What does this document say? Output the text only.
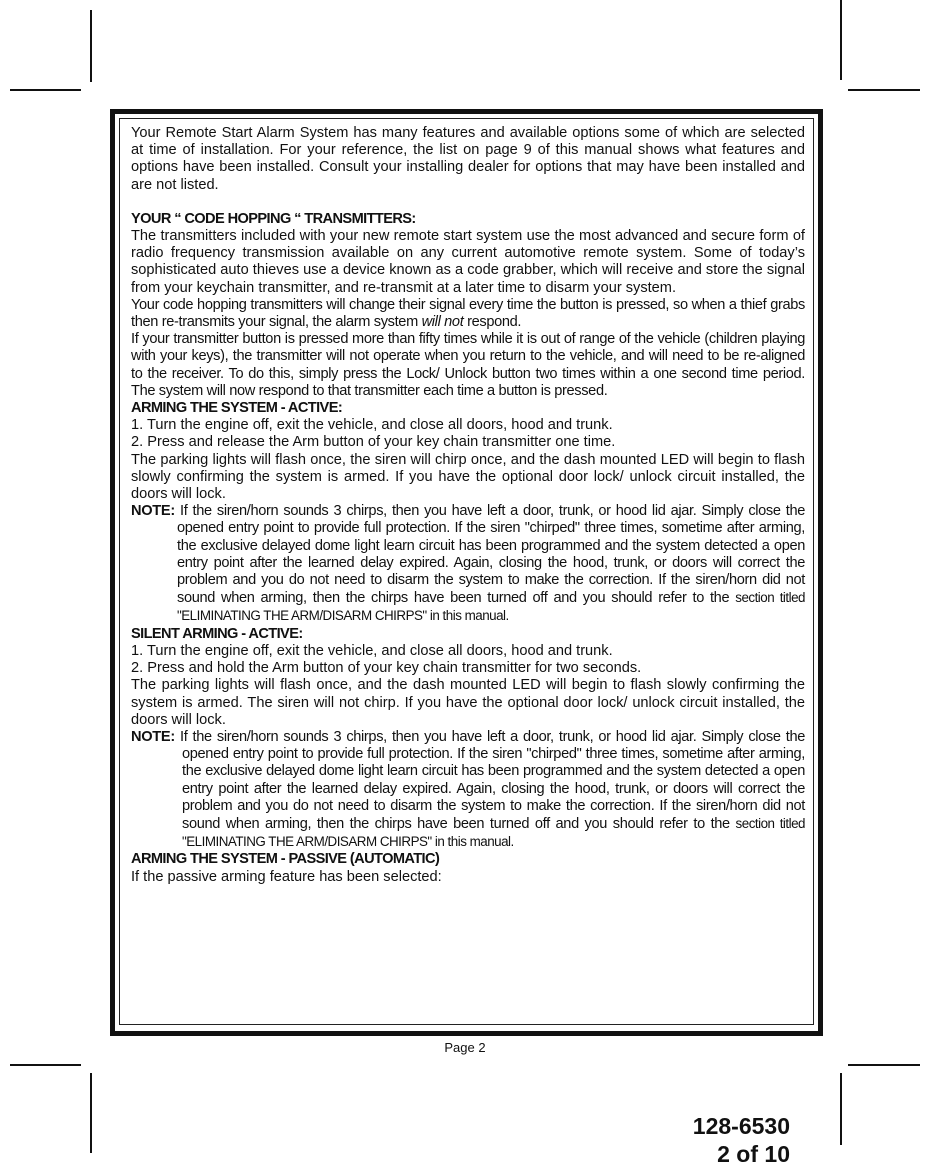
Your Remote Start Alarm System has many features and available options some of which are selected at time of installation. For your reference, the list on page 9 of this manual shows what features and options have been installed. Consult your installing dealer for options that may have been installed and are not listed.

YOUR “ CODE HOPPING “ TRANSMITTERS:

The transmitters included with your new remote start system use the most advanced and secure form of radio frequency transmission available on any current automotive remote system. Some of today’s sophisticated auto thieves use a device known as a code grabber, which will receive and store the signal from your keychain transmitter, and re-transmit at a later time to disarm your system.

Your code hopping transmitters will change their signal every time the button is pressed, so when a thief grabs then re-transmits your signal, the alarm system will not respond.

If your transmitter button is pressed more than fifty times while it is out of range of the vehicle (children playing with your keys), the transmitter will not operate when you return to the vehicle, and will need to be re-aligned to the receiver. To do this, simply press the Lock/ Unlock button two times within a one second time period. The system will now respond to that transmitter each time a button is pressed.

ARMING THE SYSTEM - ACTIVE:

1. Turn the engine off, exit the vehicle, and close all doors, hood and trunk.

2. Press and release the Arm button of your key chain transmitter one time.

The parking lights will flash once, the siren will chirp once, and the dash mounted LED will begin to flash slowly confirming the system is armed. If you have the optional door lock/ unlock circuit installed, the doors will lock.

NOTE: If the siren/horn sounds 3 chirps, then you have left a door, trunk, or hood lid ajar. Simply close the opened entry point to provide full protection. If the siren "chirped" three times, sometime after arming, the exclusive delayed dome light learn circuit has been programmed and the system detected a open entry point after the learned delay expired. Again, closing the hood, trunk, or doors will correct the problem and you do not need to disarm the system to make the correction. If the siren/horn did not sound when arming, then the chirps have been turned off and you should refer to the section titled "ELIMINATING THE ARM/DISARM CHIRPS" in this manual.

SILENT ARMING - ACTIVE:

1. Turn the engine off, exit the vehicle, and close all doors, hood and trunk.

2. Press and hold the Arm button of your key chain transmitter for two seconds.

The parking lights will flash once, and the dash mounted LED will begin to flash slowly confirming the system is armed. The siren will not chirp. If you have the optional door lock/ unlock circuit installed, the doors will lock.

NOTE: If the siren/horn sounds 3 chirps, then you have left a door, trunk, or hood lid ajar. Simply close the opened entry point to provide full protection. If the siren "chirped" three times, sometime after arming, the exclusive delayed dome light learn circuit has been programmed and the system detected a open entry point after the learned delay expired. Again, closing the hood, trunk, or doors will correct the problem and you do not need to disarm the system to make the correction. If the siren/horn did not sound when arming, then the chirps have been turned off and you should refer to the section titled "ELIMINATING THE ARM/DISARM CHIRPS" in this manual.

ARMING THE SYSTEM - PASSIVE (AUTOMATIC)

If the passive arming feature has been selected:

Page 2
128-6530
2 of 10
